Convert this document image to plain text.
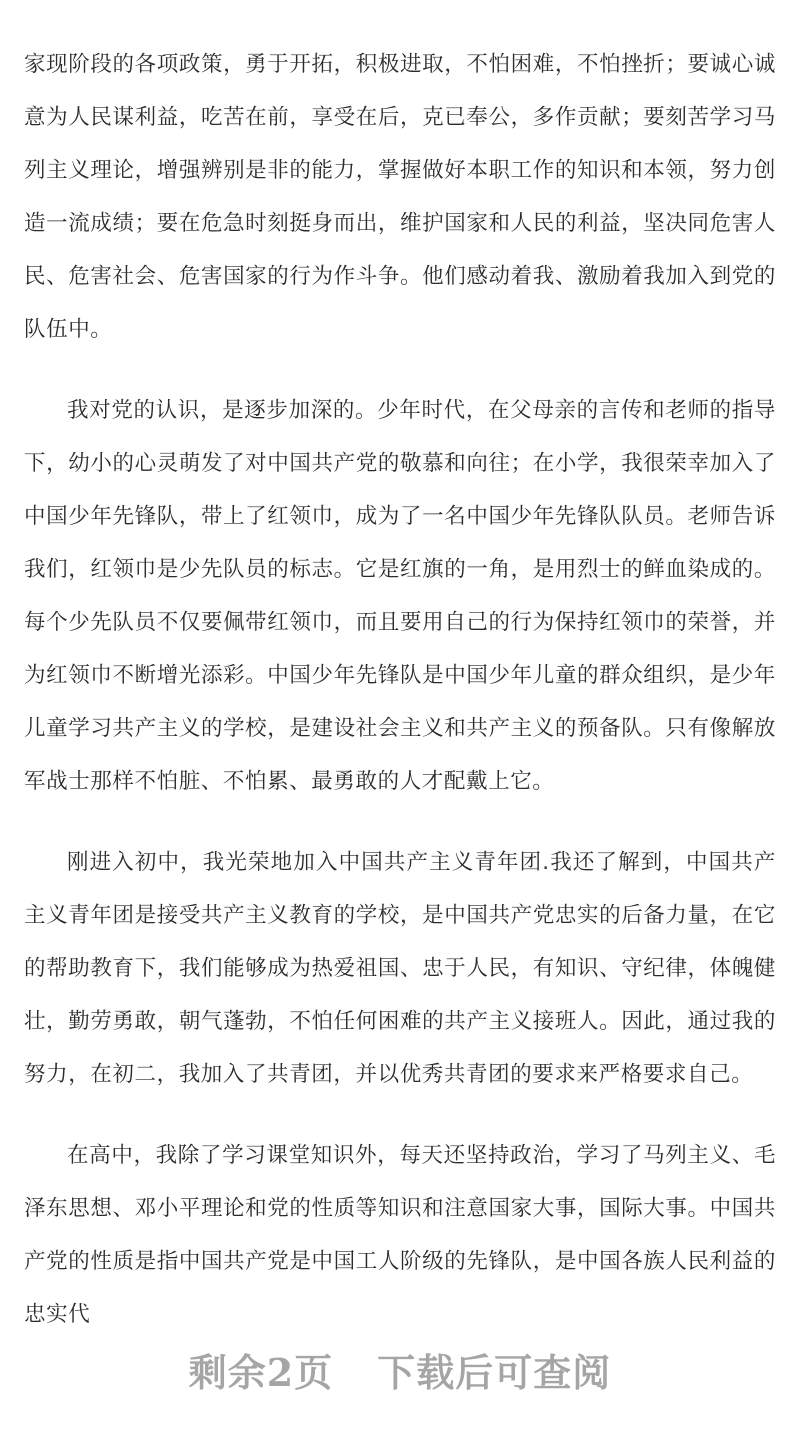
家现阶段的各项政策，勇于开拓，积极进取，不怕困难，不怕挫折；要诚心诚意为人民谋利益，吃苦在前，享受在后，克已奉公，多作贡献；要刻苦学习马列主义理论，增强辨别是非的能力，掌握做好本职工作的知识和本领，努力创造一流成绩；要在危急时刻挺身而出，维护国家和人民的利益，坚决同危害人民、危害社会、危害国家的行为作斗争。他们感动着我、激励着我加入到党的队伍中。

我对党的认识，是逐步加深的。少年时代，在父母亲的言传和老师的指导下，幼小的心灵萌发了对中国共产党的敬慕和向往；在小学，我很荣幸加入了中国少年先锋队，带上了红领巾，成为了一名中国少年先锋队队员。老师告诉我们，红领巾是少先队员的标志。它是红旗的一角，是用烈士的鲜血染成的。每个少先队员不仅要佩带红领巾，而且要用自己的行为保持红领巾的荣誉，并为红领巾不断增光添彩。中国少年先锋队是中国少年儿童的群众组织，是少年儿童学习共产主义的学校，是建设社会主义和共产主义的预备队。只有像解放军战士那样不怕脏、不怕累、最勇敢的人才配戴上它。

刚进入初中，我光荣地加入中国共产主义青年团.我还了解到，中国共产主义青年团是接受共产主义教育的学校，是中国共产党忠实的后备力量，在它的帮助教育下，我们能够成为热爱祖国、忠于人民，有知识、守纪律，体魄健壮，勤劳勇敢，朝气蓬勃，不怕任何困难的共产主义接班人。因此，通过我的努力，在初二，我加入了共青团，并以优秀共青团的要求来严格要求自己。

在高中，我除了学习课堂知识外，每天还坚持政治，学习了马列主义、毛泽东思想、邓小平理论和党的性质等知识和注意国家大事，国际大事。中国共产党的性质是指中国共产党是中国工人阶级的先锋队，是中国各族人民利益的忠实代

剩余2页 下载后可查阅
